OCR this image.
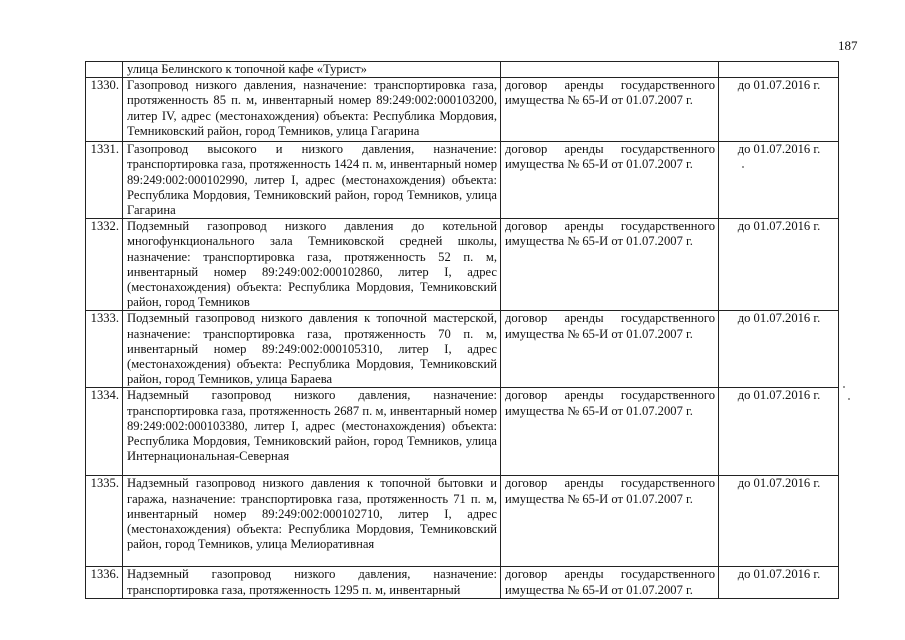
187
	улица Белинского к топочной кафе «Турист»		
1330.	Газопровод низкого давления, назначение: транспортировка газа, протяженность 85 п. м, инвентарный номер 89:249:002:000103200, литер IV, адрес (местонахождения) объекта: Республика Мордовия, Темниковский район, город Темников, улица Гагарина	договор аренды государственного имущества № 65-И от 01.07.2007 г.	до 01.07.2016 г.
1331.	Газопровод высокого и низкого давления, назначение: транспортировка газа, протяженность 1424 п. м, инвентарный номер 89:249:002:000102990, литер I, адрес (местонахождения) объекта: Республика Мордовия, Темниковский район, город Темников, улица Гагарина	договор аренды государственного имущества № 65-И от 01.07.2007 г.	до 01.07.2016 г.
1332.	Подземный газопровод низкого давления до котельной многофункционального зала Темниковской средней школы, назначение: транспортировка газа, протяженность 52 п. м, инвентарный номер 89:249:002:000102860, литер I, адрес (местонахождения) объекта: Республика Мордовия, Темниковский район, город Темников	договор аренды государственного имущества № 65-И от 01.07.2007 г.	до 01.07.2016 г.
1333.	Подземный газопровод низкого давления к топочной мастерской, назначение: транспортировка газа, протяженность 70 п. м, инвентарный номер 89:249:002:000105310, литер I, адрес (местонахождения) объекта: Республика Мордовия, Темниковский район, город Темников, улица Бараева	договор аренды государственного имущества № 65-И от 01.07.2007 г.	до 01.07.2016 г.
1334.	Надземный газопровод низкого давления, назначение: транспортировка газа, протяженность 2687 п. м, инвентарный номер 89:249:002:000103380, литер I, адрес (местонахождения) объекта: Республика Мордовия, Темниковский район, город Темников, улица Интернациональная-Северная	договор аренды государственного имущества № 65-И от 01.07.2007 г.	до 01.07.2016 г.
1335.	Надземный газопровод низкого давления к топочной бытовки и гаража, назначение: транспортировка газа, протяженность 71 п. м, инвентарный номер 89:249:002:000102710, литер I, адрес (местонахождения) объекта: Республика Мордовия, Темниковский район, город Темников, улица Мелиоративная	договор аренды государственного имущества № 65-И от 01.07.2007 г.	до 01.07.2016 г.
1336.	Надземный газопровод низкого давления, назначение: транспортировка газа, протяженность 1295 п. м, инвентарный	договор аренды государственного имущества № 65-И от 01.07.2007 г.	до 01.07.2016 г.
